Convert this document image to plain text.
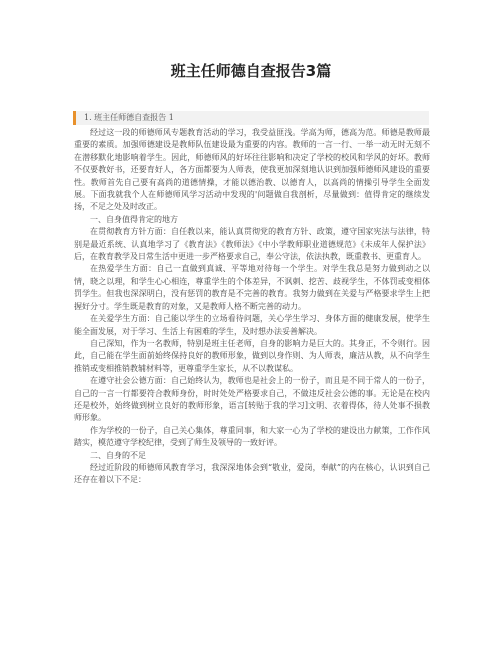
班主任师德自查报告3篇
1. 班主任师德自查报告 1

经过这一段的师德师风专题教育活动的学习，我受益匪浅。学高为师，德高为范。师德是教师最重要的素质。加强师德建设是教师队伍建设最为重要的内容。教师的一言一行、一举一动无时无刻不在潜移默化地影响着学生。因此，师德师风的好坏往往影响和决定了学校的校风和学风的好坏。教师不仅要教好书，还要育好人，各方面都要为人师表，使我更加深刻地认识到加强师德师风建设的重要性。教师首先自己要有高尚的道德情操，才能以德治教、以德育人，以高尚的情操引导学生全面发展。下面我就我个人在师德师风学习活动中发现的'问题做自我剖析，尽量做到：值得肯定的继续发扬，不足之处及时改正。

一、自身值得肯定的地方

在贯彻教育方针方面：自任教以来，能认真贯彻党的教育方针、政策，遵守国家宪法与法律，特别是最近系统、认真地学习了《教育法》《教师法》《中小学教师职业道德规范》《未成年人保护法》后，在教育教学及日常生活中更进一步严格要求自己，奉公守法，依法执教，既重教书、更重育人。

在热爱学生方面：自己一直做到真诚、平等地对待每一个学生。对学生我总是努力做到动之以情，晓之以理，和学生心心相连，尊重学生的个体差异，不讽刺、挖苦、歧视学生，不体罚或变相体罚学生。但我也深深明白，没有惩罚的教育是不完善的教育。我努力做到在关爱与严格要求学生上把握好分寸。学生既是教育的对象，又是教师人格不断完善的动力。

在关爱学生方面：自己能以学生的立场看待问题，关心学生学习、身体方面的健康发展，使学生能全面发展，对于学习、生活上有困难的学生，及时想办法妥善解决。

自己深知，作为一名教师，特别是班主任老师，自身的影响力是巨大的。其身正，不令则行。因此，自己能在学生面前始终保持良好的教师形象，做到以身作则、为人师表，廉洁从教，从不向学生推销或变相推销教辅材料等，更尊重学生家长，从不以教谋私。

在遵守社会公德方面：自己始终认为，教师也是社会上的一份子，而且是不同于常人的一份子，自己的一言一行都要符合教师身份，时时处处严格要求自己，不做违反社会公德的事。无论是在校内还是校外，始终做到树立良好的教师形象，语言[转贴于我的学习]文明、衣着得体，待人处事不损教师形象。

作为学校的一份子，自己关心集体，尊重同事，和大家一心为了学校的建设出力献策，工作作风踏实，模范遵守学校纪律，受到了师生及领导的一致好评。

二、自身的不足

经过近阶段的师德师风教育学习，我深深地体会到“敬业，爱岗，奉献”的内在核心，认识到自己还存在着以下不足：
